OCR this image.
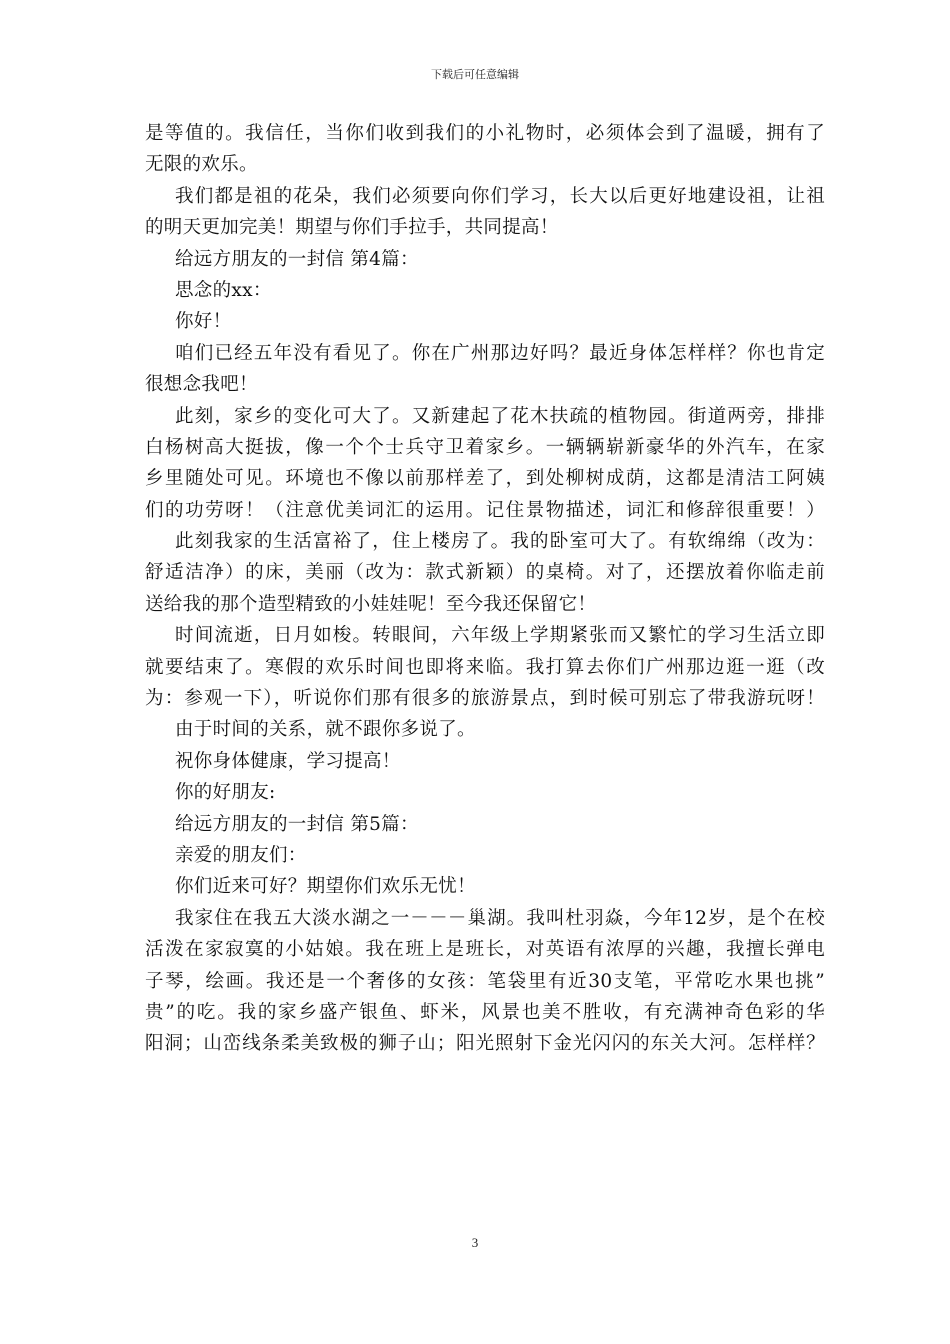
下载后可任意编辑
是等值的。我信任，当你们收到我们的小礼物时，必须体会到了温暖，拥有了
无限的欢乐。
我们都是祖的花朵，我们必须要向你们学习，长大以后更好地建设祖，让祖
的明天更加完美！期望与你们手拉手，共同提高！
给远方朋友的一封信 第4篇：
思念的xx：
你好！
咱们已经五年没有看见了。你在广州那边好吗？最近身体怎样样？你也肯定
很想念我吧！
此刻，家乡的变化可大了。又新建起了花木扶疏的植物园。街道两旁，排排
白杨树高大挺拔，像一个个士兵守卫着家乡。一辆辆崭新豪华的外汽车，在家
乡里随处可见。环境也不像以前那样差了，到处柳树成荫，这都是清洁工阿姨
们的功劳呀！（注意优美词汇的运用。记住景物描述，词汇和修辞很重要！）
此刻我家的生活富裕了，住上楼房了。我的卧室可大了。有软绵绵（改为：
舒适洁净）的床，美丽（改为：款式新颖）的桌椅。对了，还摆放着你临走前
送给我的那个造型精致的小娃娃呢！至今我还保留它！
时间流逝，日月如梭。转眼间，六年级上学期紧张而又繁忙的学习生活立即
就要结束了。寒假的欢乐时间也即将来临。我打算去你们广州那边逛一逛（改
为：参观一下），听说你们那有很多的旅游景点，到时候可别忘了带我游玩呀！
由于时间的关系，就不跟你多说了。
祝你身体健康，学习提高！
你的好朋友:
给远方朋友的一封信 第5篇：
亲爱的朋友们：
你们近来可好？期望你们欢乐无忧！
我家住在我五大淡水湖之一－－－巢湖。我叫杜羽焱，今年12岁，是个在校
活泼在家寂寞的小姑娘。我在班上是班长，对英语有浓厚的兴趣，我擅长弹电
子琴，绘画。我还是一个奢侈的女孩：笔袋里有近30支笔，平常吃水果也挑”
贵”的吃。我的家乡盛产银鱼、虾米，风景也美不胜收，有充满神奇色彩的华
阳洞；山峦线条柔美致极的狮子山；阳光照射下金光闪闪的东关大河。怎样样？
3
